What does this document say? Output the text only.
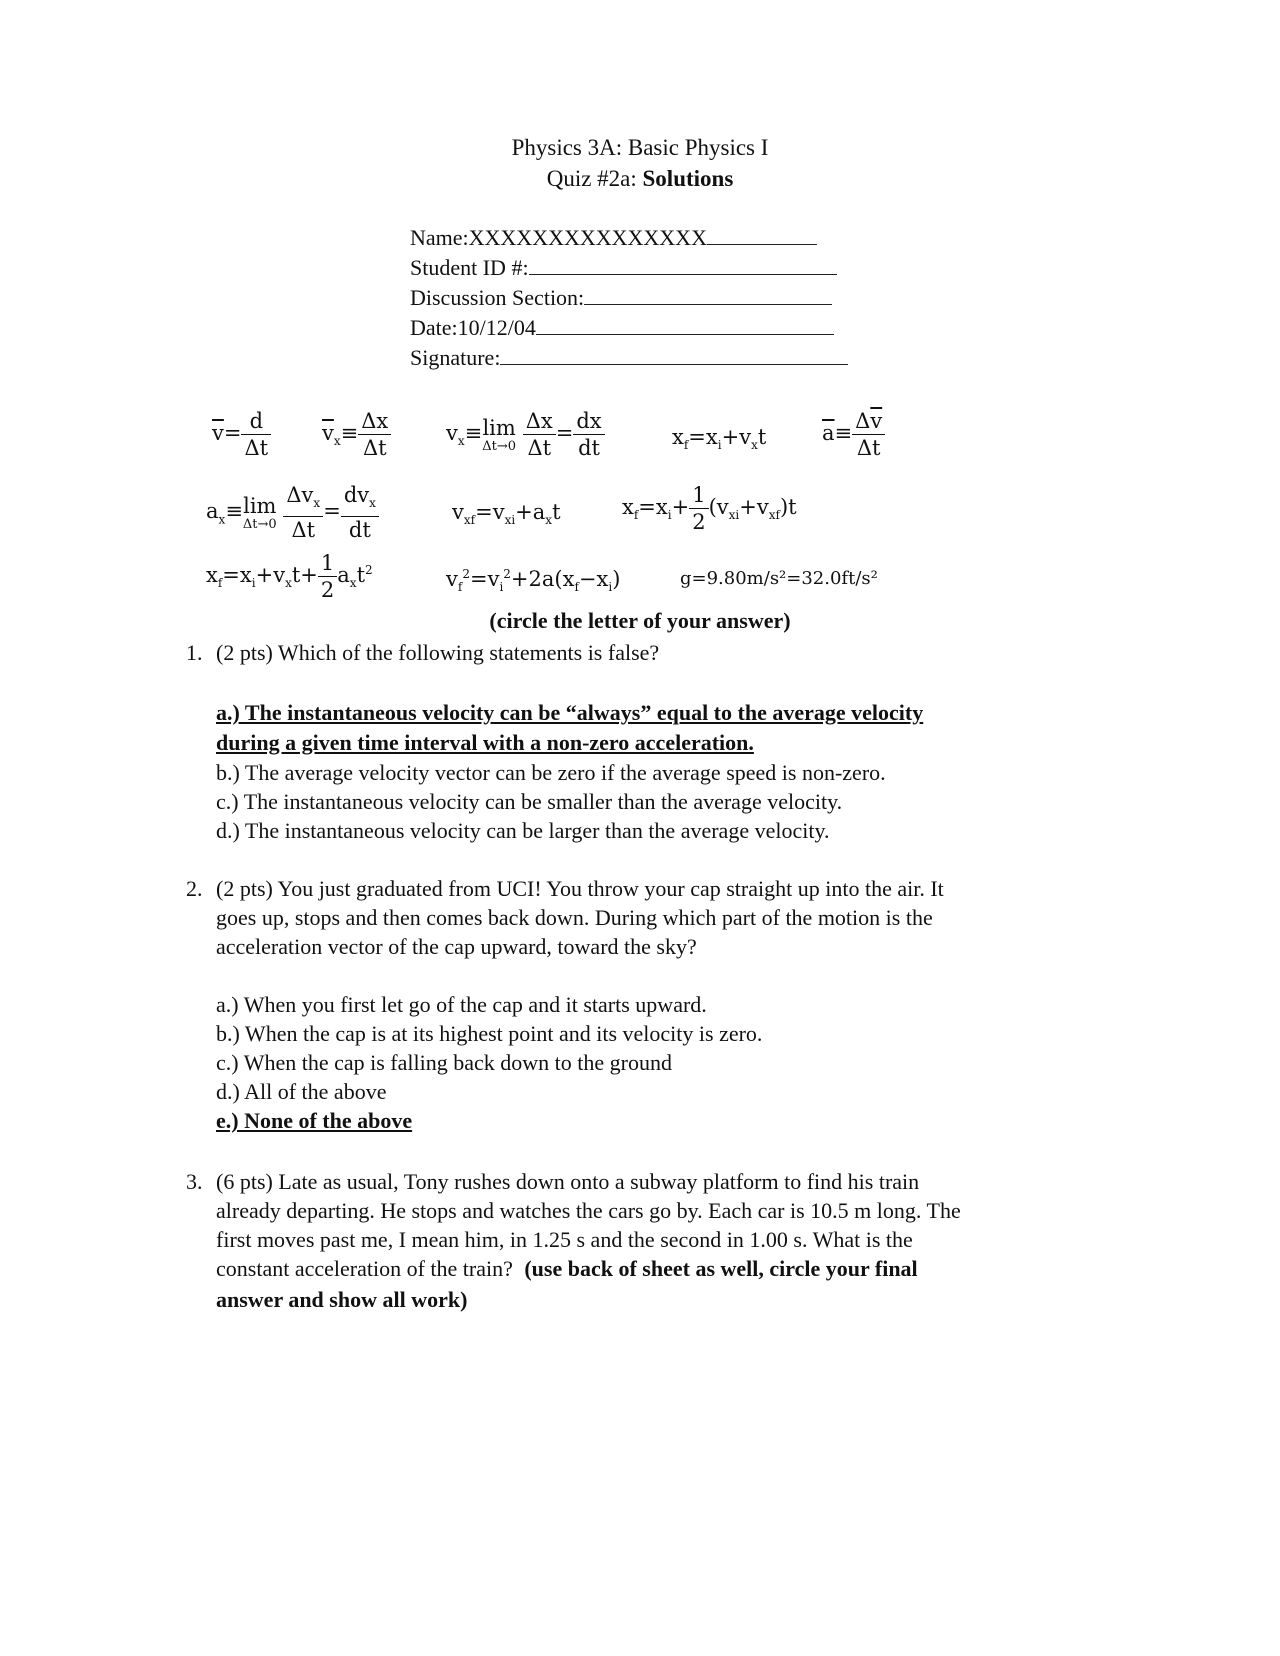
Physics 3A: Basic Physics I
Quiz #2a: Solutions
Name:XXXXXXXXXXXXXXX
Student ID #:
Discussion Section:
Date:10/12/04
Signature:
$\overline{v}= \frac{d}{\Delta t} \overline{v}_x\equiv \frac{\Delta x}{\Delta t}$	$v_x\equiv\lim$
Δt→0
$\frac{\Delta x}{\Delta t} = \frac{dx}{dt}$	$x_f=x_i+v_xt$	$\overline{a}\equiv \frac{\Delta\overline{v}}{\Delta t}$
$a_x\equiv\lim$
Δt→0
$\frac{\Delta v_x}{\Delta t} = \frac{dv_x}{dt}$	$v_{xf}=v_{xi}+a_xt$	$x_f=x_i+ \frac{1}{2} (v_{xi}+v_{xf})t$
$x_f=x_i+v_xt+ \frac{1}{2} a_xt^2$	$v_f^2=v_i^2+2a(x_f-x_i)$	g=9.80m/s²=32.0ft/s²
(circle the letter of your answer)
1. (2 pts) Which of the following statements is false?
a.) The instantaneous velocity can be “always” equal to the average velocity
during a given time interval with a non-zero acceleration.
b.) The average velocity vector can be zero if the average speed is non-zero.
c.) The instantaneous velocity can be smaller than the average velocity.
d.) The instantaneous velocity can be larger than the average velocity.
2. (2 pts) You just graduated from UCI! You throw your cap straight up into the air. It
goes up, stops and then comes back down. During which part of the motion is the
acceleration vector of the cap upward, toward the sky?
a.) When you first let go of the cap and it starts upward.
b.) When the cap is at its highest point and its velocity is zero.
c.) When the cap is falling back down to the ground
d.) All of the above
e.) None of the above
3. (6 pts) Late as usual, Tony rushes down onto a subway platform to find his train
already departing. He stops and watches the cars go by. Each car is 10.5 m long. The
first moves past me, I mean him, in 1.25 s and the second in 1.00 s. What is the
constant acceleration of the train? (use back of sheet as well, circle your final
answer and show all work)
